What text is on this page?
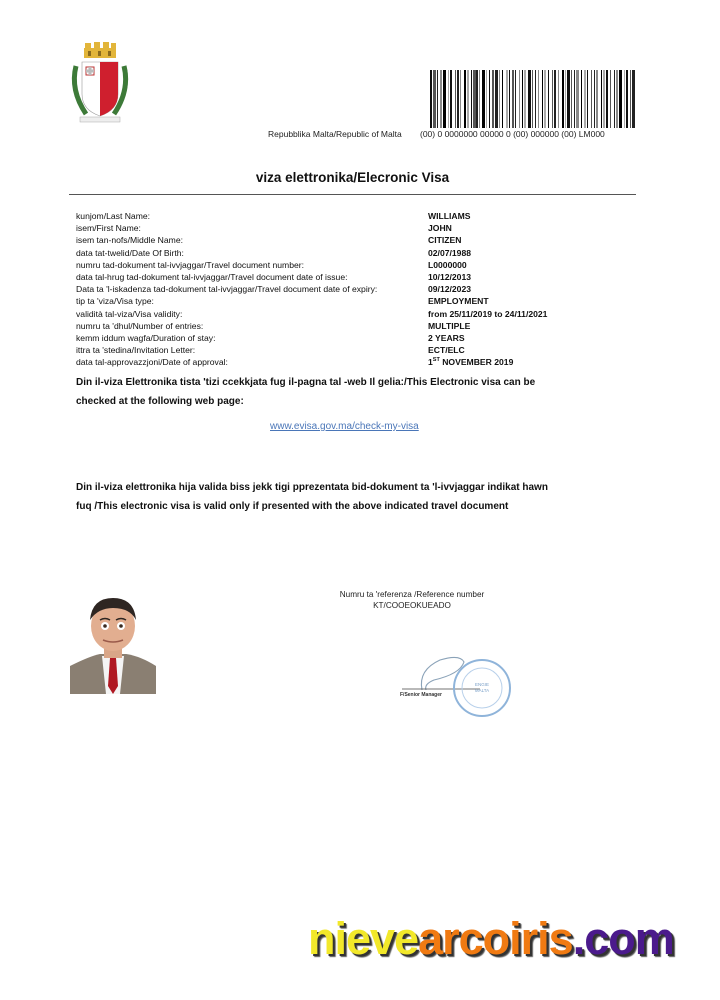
Repubblika Malta/Republic of Malta (00) 0 0000000 00000 0 (00) 000000 (00) LM000
viza elettronika/Elecronic Visa
kunjom/Last Name:	WILLIAMS
isem/First Name:	JOHN
isem tan-nofs/Middle Name:	CITIZEN
data tat-twelid/Date Of Birth:	02/07/1988
numru tad-dokument tal-ivvjaggar/Travel document number:	L0000000
data tal-hrug tad-dokument tal-ivvjaggar/Travel document date of issue:	10/12/2013
Data ta 'l-iskadenza tad-dokument tal-ivvjaggar/Travel document date of expiry:	09/12/2023
tip ta 'viza/Visa type:	EMPLOYMENT
validità tal-viza/Visa validity:	from 25/11/2019 to 24/11/2021
numru ta 'dhul/Number of entries:	MULTIPLE
kemm iddum wagfa/Duration of stay:	2 YEARS
ittra ta 'stedina/Invitation Letter:	ECT/ELC
data tal-approvazzjoni/Date of approval:	1ST NOVEMBER 2019
Din il-viza Elettronika tista 'tizi ccekkjata fug il-pagna tal -web Il gelia:/This Electronic visa can be checked at the following web page:
www.evisa.gov.ma/check-my-visa
Din il-viza elettronika hija valida biss jekk tigi pprezentata bid-dokument ta 'l-ivvjaggar indikat hawn fuq /This electronic visa is valid only if presented with the above indicated travel document
Numru ta 'referenza /Reference number
KT/COOEOKUEADO
ENGIE
MALTA
F/Senior Manager
nievearcoiris.com
